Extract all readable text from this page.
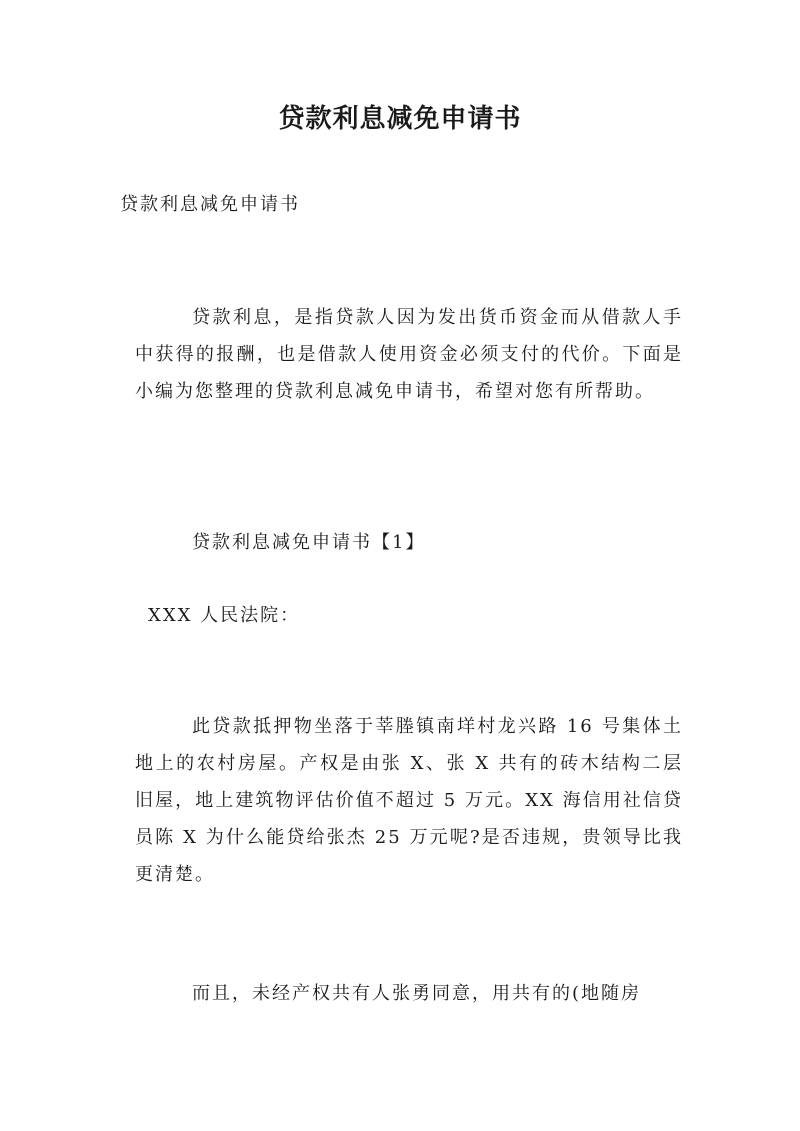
贷款利息减免申请书
贷款利息减免申请书

贷款利息，是指贷款人因为发出货币资金而从借款人手中获得的报酬，也是借款人使用资金必须支付的代价。下面是小编为您整理的贷款利息减免申请书，希望对您有所帮助。

贷款利息减免申请书【1】
XXX 人民法院：

此贷款抵押物坐落于莘塍镇南垟村龙兴路 16 号集体土地上的农村房屋。产权是由张 X、张 X 共有的砖木结构二层旧屋，地上建筑物评估价值不超过 5 万元。XX 海信用社信贷员陈 X 为什么能贷给张杰 25 万元呢?是否违规，贵领导比我更清楚。

而且，未经产权共有人张勇同意，用共有的(地随房
